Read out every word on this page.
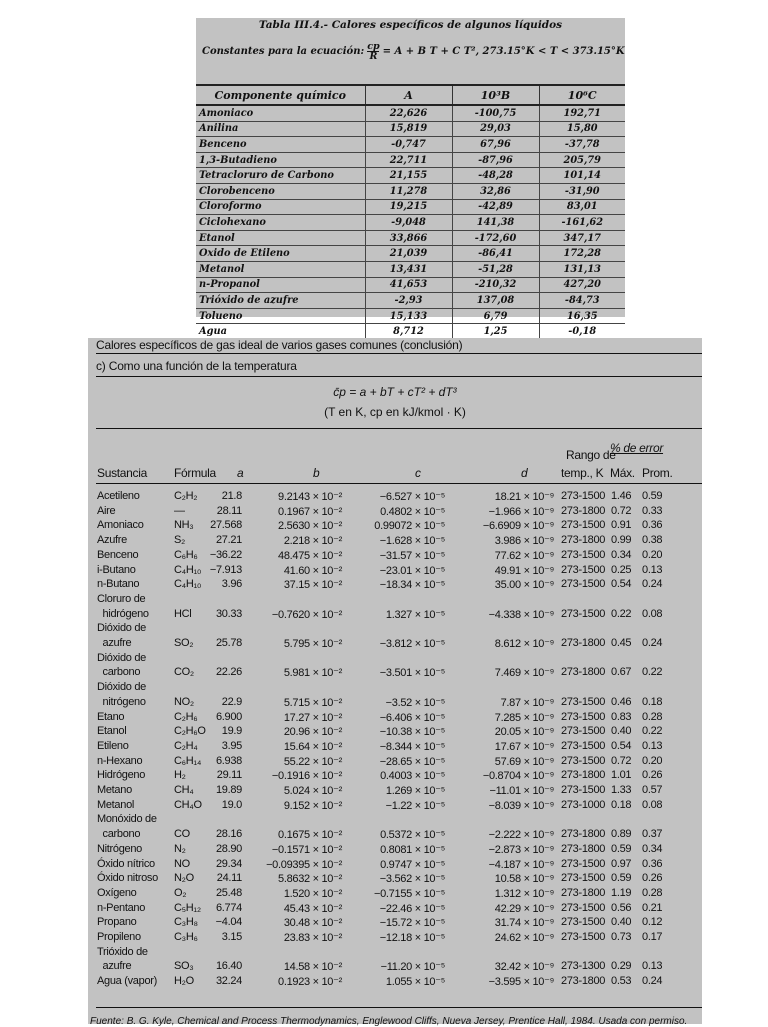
Tabla III.4.- Calores específicos de algunos líquidos
Constantes para la ecuación: $\frac{cp}{R} = A + B$ T + C T², 273.15°K < T < 373.15°K
Componente químico	A	10³B	10⁶C
Amoniaco	22,626	-100,75	192,71
Anilina	15,819	29,03	15,80
Benceno	-0,747	67,96	-37,78
1,3-Butadieno	22,711	-87,96	205,79
Tetracloruro de Carbono	21,155	-48,28	101,14
Clorobenceno	11,278	32,86	-31,90
Cloroformo	19,215	-42,89	83,01
Ciclohexano	-9,048	141,38	-161,62
Etanol	33,866	-172,60	347,17
Oxido de Etileno	21,039	-86,41	172,28
Metanol	13,431	-51,28	131,13
n-Propanol	41,653	-210,32	427,20
Trióxido de azufre	-2,93	137,08	-84,73
Tolueno	15,133	6,79	16,35
Agua	8,712	1,25	-0,18
Calores específicos de gas ideal de varios gases comunes (conclusión)
c) Como una función de la temperatura
c̄p = a + bT + cT² + dT³
(T en K, cp en kJ/kmol · K)
Sustancia Fórmula a	b	c	d
Rango de
temp., K
% de error
Máx. Prom.
Acetileno	C₂H₂ 21.8	9.2143 × 10⁻²	−6.527 × 10⁻⁵	18.21 × 10⁻⁹ 273-1500 1.46 0.59
Aire	—	28.11	0.1967 × 10⁻²	0.4802 × 10⁻⁵	−1.966 × 10⁻⁹ 273-1800 0.72 0.33
Amoniaco	NH₃ 27.568	2.5630 × 10⁻²	0.99072 × 10⁻⁵	−6.6909 × 10⁻⁹ 273-1500 0.91 0.36
Azufre	S₂	27.21	2.218 × 10⁻²	−1.628 × 10⁻⁵	3.986 × 10⁻⁹ 273-1800 0.99 0.38
Benceno	C₆H₆ −36.22	48.475 × 10⁻²	−31.57 × 10⁻⁵	77.62 × 10⁻⁹ 273-1500 0.34 0.20
i-Butano	C₄H₁₀ −7.913	41.60 × 10⁻²	−23.01 × 10⁻⁵	49.91 × 10⁻⁹ 273-1500 0.25 0.13
n-Butano	C₄H₁₀ 3.96	37.15 × 10⁻²	−18.34 × 10⁻⁵	35.00 × 10⁻⁹ 273-1500 0.54 0.24
Cloruro de
hidrógeno HCl 30.33	−0.7620 × 10⁻²	1.327 × 10⁻⁵	−4.338 × 10⁻⁹ 273-1500 0.22 0.08
Dióxido de
azufre	SO₂ 25.78	5.795 × 10⁻²	−3.812 × 10⁻⁵	8.612 × 10⁻⁹ 273-1800 0.45 0.24
Dióxido de
carbono	CO₂ 22.26	5.981 × 10⁻²	−3.501 × 10⁻⁵	7.469 × 10⁻⁹ 273-1800 0.67 0.22
Dióxido de
nitrógeno	NO₂	22.9	5.715 × 10⁻²	−3.52 × 10⁻⁵	7.87 × 10⁻⁹ 273-1500 0.46 0.18
Etano	C₂H₆ 6.900	17.27 × 10⁻²	−6.406 × 10⁻⁵	7.285 × 10⁻⁹ 273-1500 0.83 0.28
Etanol	C₂H₆O 19.9	20.96 × 10⁻²	−10.38 × 10⁻⁵	20.05 × 10⁻⁹ 273-1500 0.40 0.22
Etileno	C₂H₄ 3.95	15.64 × 10⁻²	−8.344 × 10⁻⁵	17.67 × 10⁻⁹ 273-1500 0.54 0.13
n-Hexano	C₆H₁₄ 6.938	55.22 × 10⁻²	−28.65 × 10⁻⁵	57.69 × 10⁻⁹ 273-1500 0.72 0.20
Hidrógeno	H₂	29.11	−0.1916 × 10⁻²	0.4003 × 10⁻⁵	−0.8704 × 10⁻⁹ 273-1800 1.01 0.26
Metano	CH₄ 19.89	5.024 × 10⁻²	1.269 × 10⁻⁵	−11.01 × 10⁻⁹ 273-1500 1.33 0.57
Metanol	CH₄O 19.0	9.152 × 10⁻²	−1.22 × 10⁻⁵	−8.039 × 10⁻⁹ 273-1000 0.18 0.08
Monóxido de
carbono	CO 28.16	0.1675 × 10⁻²	0.5372 × 10⁻⁵	−2.222 × 10⁻⁹ 273-1800 0.89 0.37
Nitrógeno	N₂	28.90	−0.1571 × 10⁻²	0.8081 × 10⁻⁵	−2.873 × 10⁻⁹ 273-1800 0.59 0.34
Óxido nítrico NO 29.34 −0.09395 × 10⁻²	0.9747 × 10⁻⁵	−4.187 × 10⁻⁹ 273-1500 0.97 0.36
Óxido nitroso N₂O 24.11	5.8632 × 10⁻²	−3.562 × 10⁻⁵	10.58 × 10⁻⁹ 273-1500 0.59 0.26
Oxígeno	O₂	25.48	1.520 × 10⁻²	−0.7155 × 10⁻⁵	1.312 × 10⁻⁹ 273-1800 1.19 0.28
n-Pentano	C₅H₁₂ 6.774	45.43 × 10⁻²	−22.46 × 10⁻⁵	42.29 × 10⁻⁹ 273-1500 0.56 0.21
Propano	C₃H₈ −4.04	30.48 × 10⁻²	−15.72 × 10⁻⁵	31.74 × 10⁻⁹ 273-1500 0.40 0.12
Propileno	C₃H₆ 3.15	23.83 × 10⁻²	−12.18 × 10⁻⁵	24.62 × 10⁻⁹ 273-1500 0.73 0.17
Trióxido de
azufre	SO₃ 16.40	14.58 × 10⁻²	−11.20 × 10⁻⁵	32.42 × 10⁻⁹ 273-1300 0.29 0.13
Agua (vapor) H₂O 32.24	0.1923 × 10⁻²	1.055 × 10⁻⁵	−3.595 × 10⁻⁹ 273-1800 0.53 0.24
Fuente: B. G. Kyle, Chemical and Process Thermodynamics, Englewood Cliffs, Nueva Jersey, Prentice Hall, 1984. Usada con permiso.
